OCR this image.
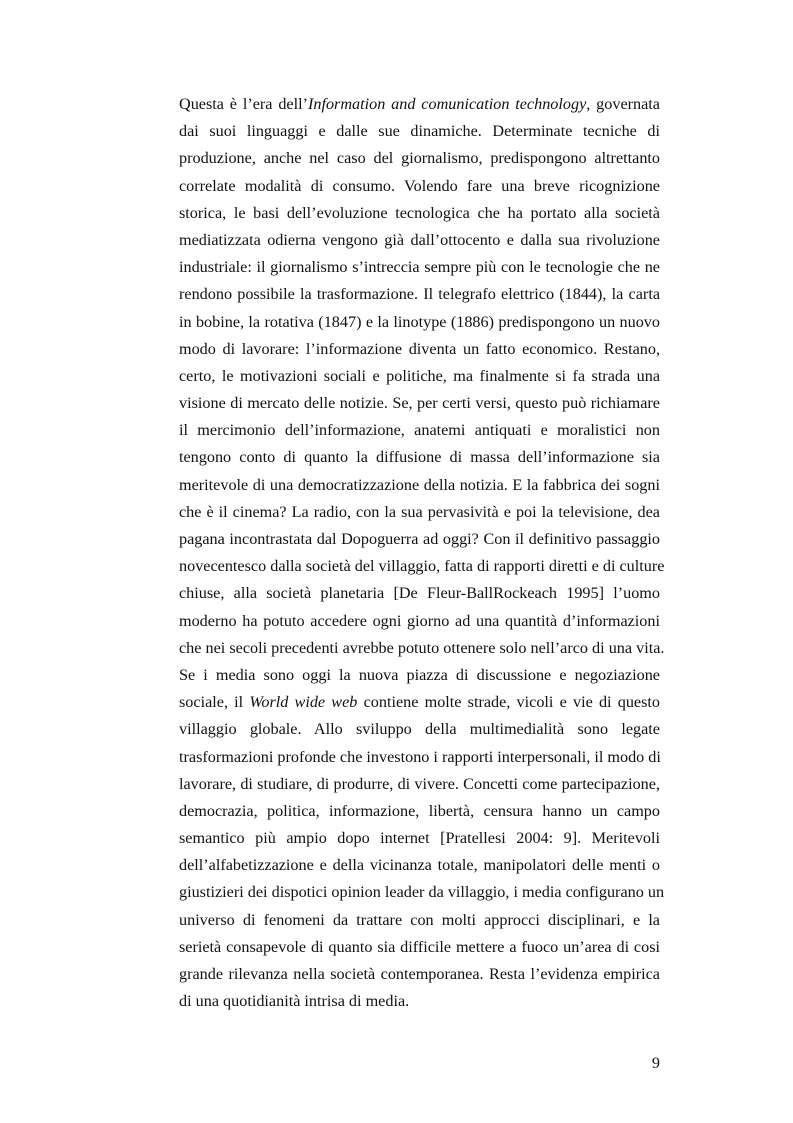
Questa è l’era dell’Information and comunication technology, governata
dai suoi linguaggi e dalle sue dinamiche. Determinate tecniche di
produzione, anche nel caso del giornalismo, predispongono altrettanto
correlate modalità di consumo. Volendo fare una breve ricognizione
storica, le basi dell’evoluzione tecnologica che ha portato alla società
mediatizzata odierna vengono già dall’ottocento e dalla sua rivoluzione
industriale: il giornalismo s’intreccia sempre più con le tecnologie che ne
rendono possibile la trasformazione. Il telegrafo elettrico (1844), la carta
in bobine, la rotativa (1847) e la linotype (1886) predispongono un nuovo
modo di lavorare: l’informazione diventa un fatto economico. Restano,
certo, le motivazioni sociali e politiche, ma finalmente si fa strada una
visione di mercato delle notizie. Se, per certi versi, questo può richiamare
il mercimonio dell’informazione, anatemi antiquati e moralistici non
tengono conto di quanto la diffusione di massa dell’informazione sia
meritevole di una democratizzazione della notizia. E la fabbrica dei sogni
che è il cinema? La radio, con la sua pervasività e poi la televisione, dea
pagana incontrastata dal Dopoguerra ad oggi? Con il definitivo passaggio
novecentesco dalla società del villaggio, fatta di rapporti diretti e di culture
chiuse, alla società planetaria [De Fleur-BallRockeach 1995] l’uomo
moderno ha potuto accedere ogni giorno ad una quantità d’informazioni
che nei secoli precedenti avrebbe potuto ottenere solo nell’arco di una vita.
Se i media sono oggi la nuova piazza di discussione e negoziazione
sociale, il World wide web contiene molte strade, vicoli e vie di questo
villaggio globale. Allo sviluppo della multimedialità sono legate
trasformazioni profonde che investono i rapporti interpersonali, il modo di
lavorare, di studiare, di produrre, di vivere. Concetti come partecipazione,
democrazia, politica, informazione, libertà, censura hanno un campo
semantico più ampio dopo internet [Pratellesi 2004: 9]. Meritevoli
dell’alfabetizzazione e della vicinanza totale, manipolatori delle menti o
giustizieri dei dispotici opinion leader da villaggio, i media configurano un
universo di fenomeni da trattare con molti approcci disciplinari, e la
serietà consapevole di quanto sia difficile mettere a fuoco un’area di cosi
grande rilevanza nella società contemporanea. Resta l’evidenza empirica
di una quotidianità intrisa di media.
9
